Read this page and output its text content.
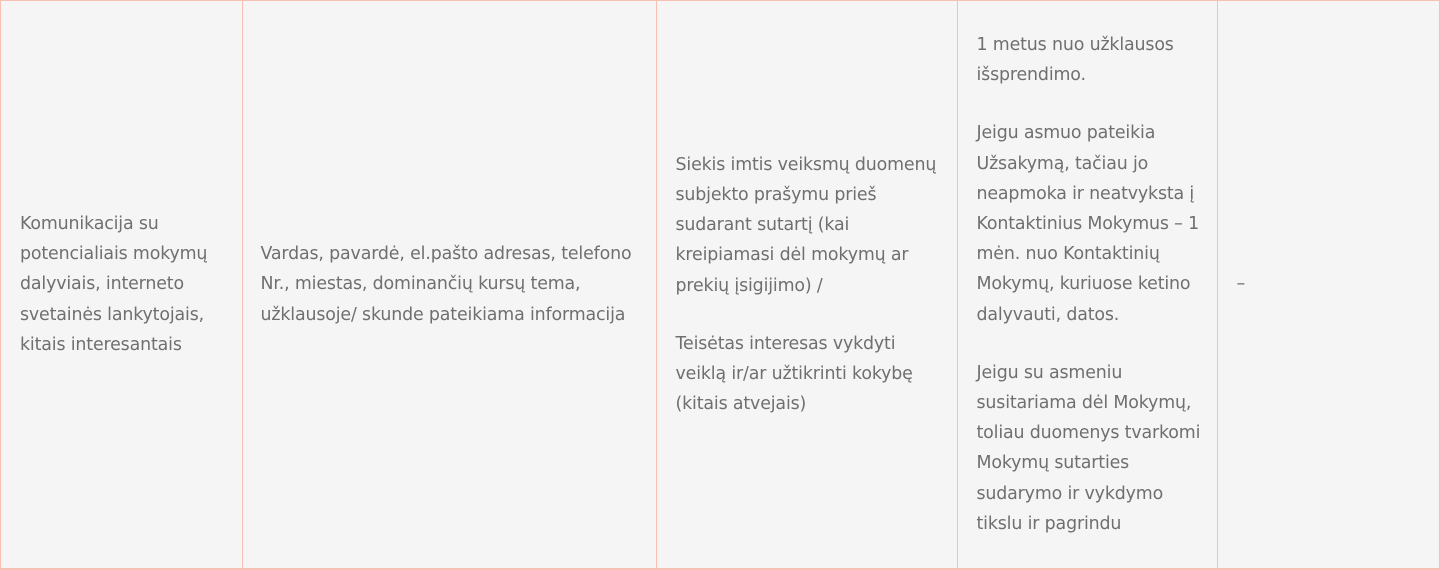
Komunikacija su
potencialiais mokymų
dalyviais, interneto
svetainės lankytojais,
kitais interesantais

Vardas, pavardė, el.pašto adresas, telefono
Nr., miestas, dominančių kursų tema,
užklausoje/ skunde pateikiama informacija

Siekis imtis veiksmų duomenų
subjekto prašymu prieš
sudarant sutartį (kai
kreipiamasi dėl mokymų ar
prekių įsigijimo) /

Teisėtas interesas vykdyti
veiklą ir/ar užtikrinti kokybę
(kitais atvejais)

1 metus nuo užklausos
išsprendimo.

Jeigu asmuo pateikia
Užsakymą, tačiau jo
neapmoka ir neatvyksta į
Kontaktinius Mokymus – 1
mėn. nuo Kontaktinių
Mokymų, kuriuose ketino
dalyvauti, datos.

Jeigu su asmeniu
susitariama dėl Mokymų,
toliau duomenys tvarkomi
Mokymų sutarties
sudarymo ir vykdymo
tikslu ir pagrindu

–
